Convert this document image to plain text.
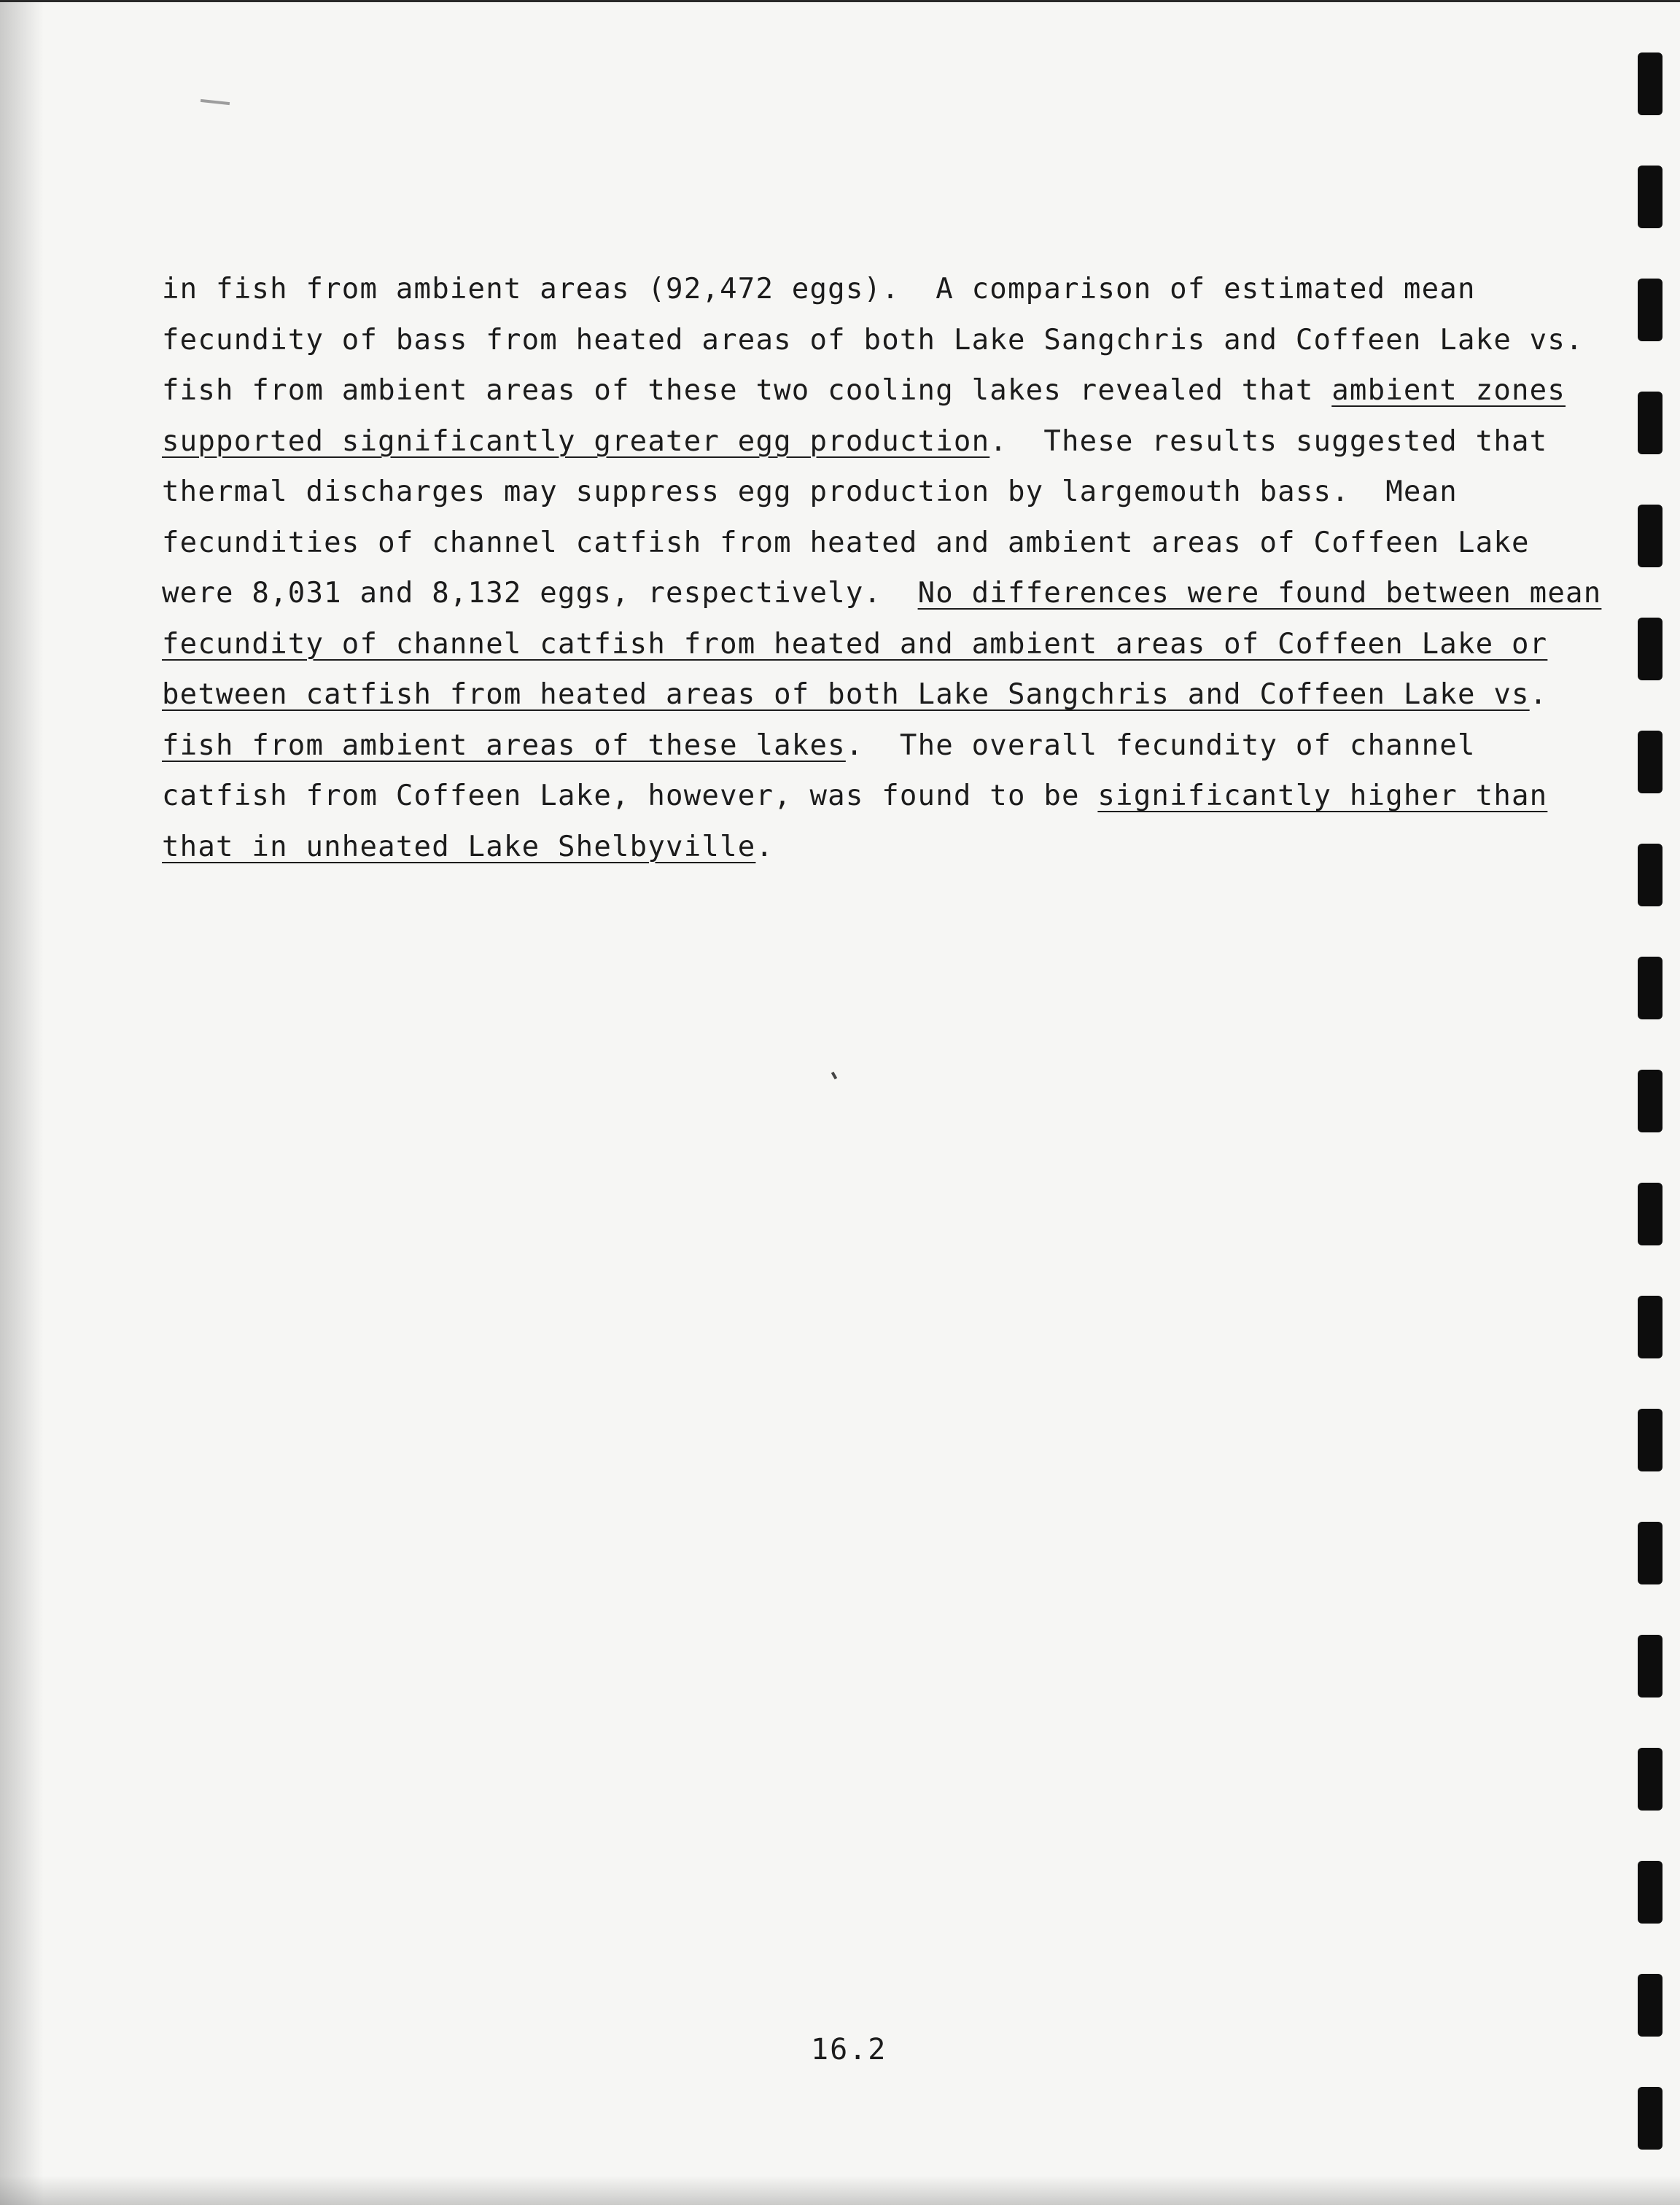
in fish from ambient areas (92,472 eggs).  A comparison of estimated mean
fecundity of bass from heated areas of both Lake Sangchris and Coffeen Lake vs.
fish from ambient areas of these two cooling lakes revealed that ambient zones
supported significantly greater egg production.  These results suggested that
thermal discharges may suppress egg production by largemouth bass.  Mean
fecundities of channel catfish from heated and ambient areas of Coffeen Lake
were 8,031 and 8,132 eggs, respectively.  No differences were found between mean
fecundity of channel catfish from heated and ambient areas of Coffeen Lake or
between catfish from heated areas of both Lake Sangchris and Coffeen Lake vs.
fish from ambient areas of these lakes.  The overall fecundity of channel
catfish from Coffeen Lake, however, was found to be significantly higher than
that in unheated Lake Shelbyville.
16.2
